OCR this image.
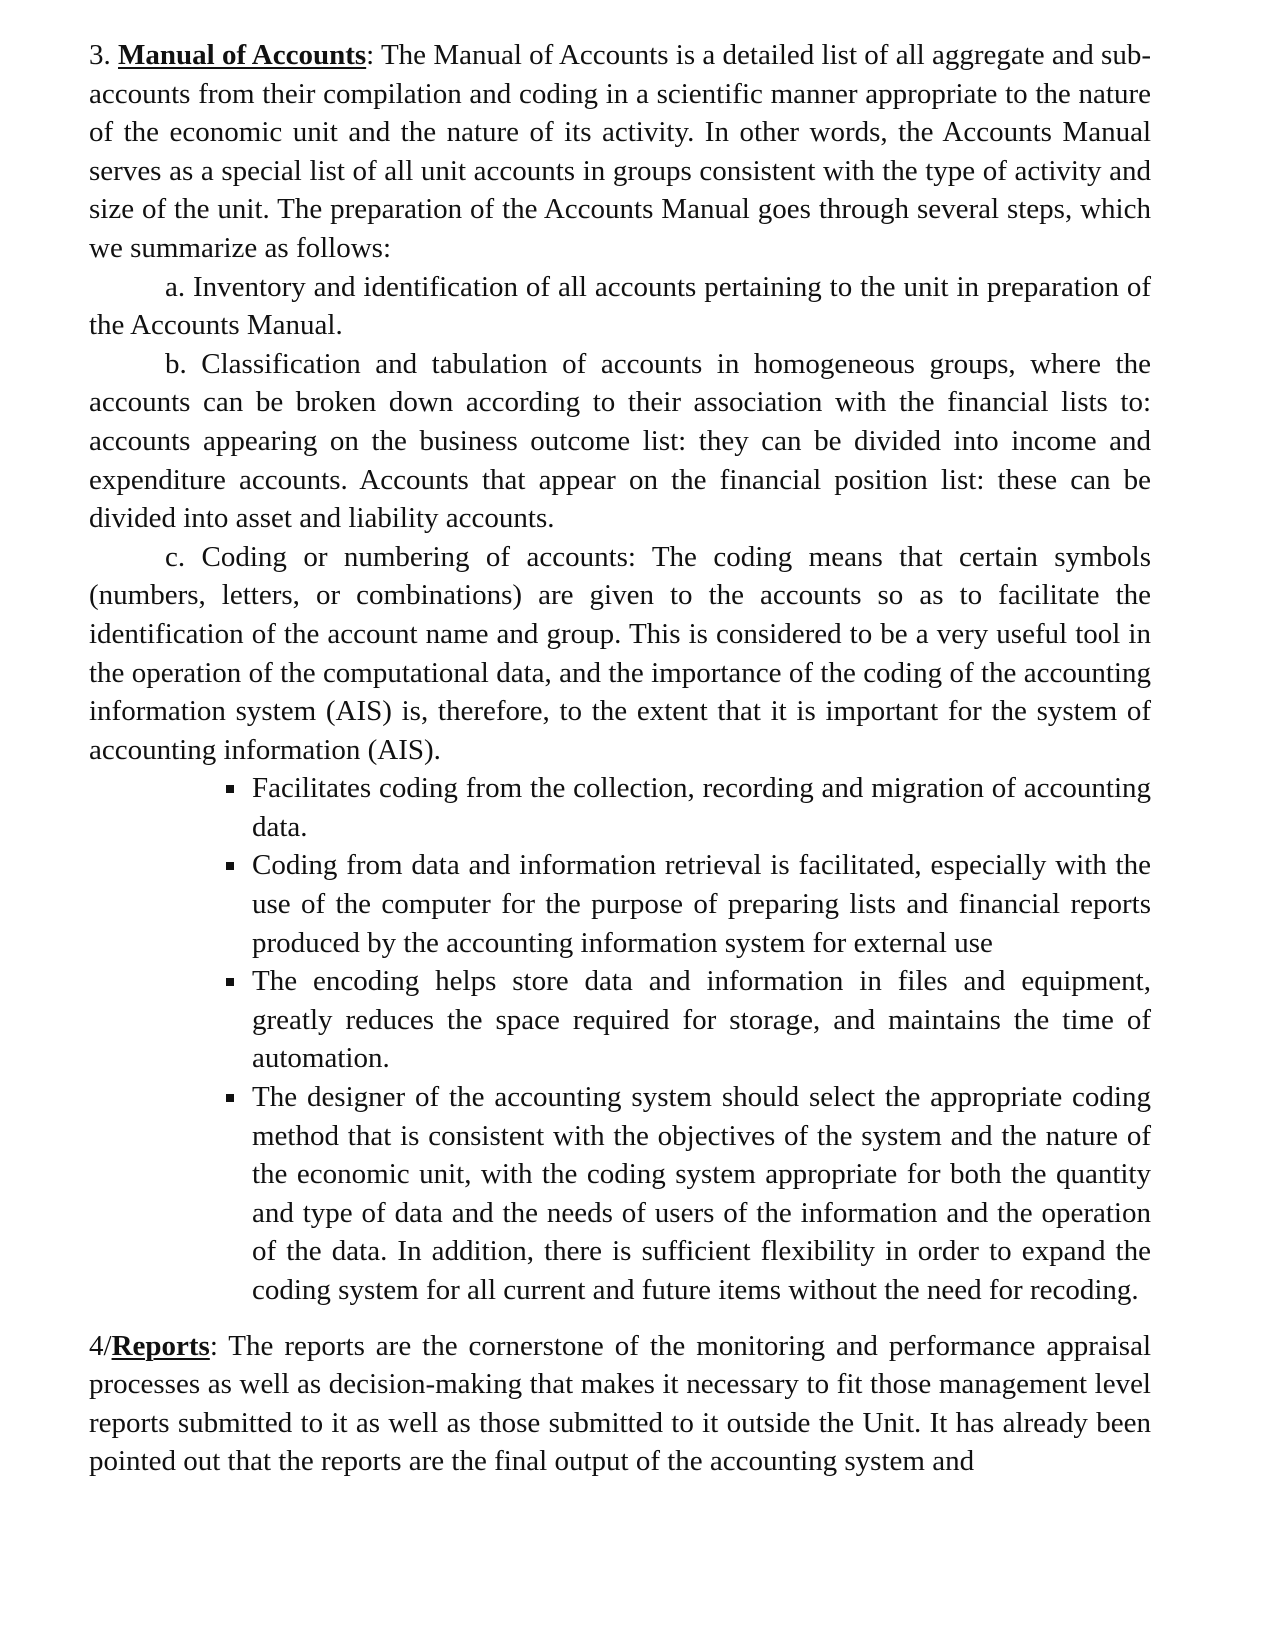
3. Manual of Accounts: The Manual of Accounts is a detailed list of all aggregate and sub-accounts from their compilation and coding in a scientific manner appropriate to the nature of the economic unit and the nature of its activity. In other words, the Accounts Manual serves as a special list of all unit accounts in groups consistent with the type of activity and size of the unit. The preparation of the Accounts Manual goes through several steps, which we summarize as follows:

a. Inventory and identification of all accounts pertaining to the unit in preparation of the Accounts Manual.

b. Classification and tabulation of accounts in homogeneous groups, where the accounts can be broken down according to their association with the financial lists to: accounts appearing on the business outcome list: they can be divided into income and expenditure accounts. Accounts that appear on the financial position list: these can be divided into asset and liability accounts.

c. Coding or numbering of accounts: The coding means that certain symbols (numbers, letters, or combinations) are given to the accounts so as to facilitate the identification of the account name and group. This is considered to be a very useful tool in the operation of the computational data, and the importance of the coding of the accounting information system (AIS) is, therefore, to the extent that it is important for the system of accounting information (AIS).

Facilitates coding from the collection, recording and migration of accounting data.
Coding from data and information retrieval is facilitated, especially with the use of the computer for the purpose of preparing lists and financial reports produced by the accounting information system for external use
The encoding helps store data and information in files and equipment, greatly reduces the space required for storage, and maintains the time of automation.
The designer of the accounting system should select the appropriate coding method that is consistent with the objectives of the system and the nature of the economic unit, with the coding system appropriate for both the quantity and type of data and the needs of users of the information and the operation of the data. In addition, there is sufficient flexibility in order to expand the coding system for all current and future items without the need for recoding.

4/Reports: The reports are the cornerstone of the monitoring and performance appraisal processes as well as decision-making that makes it necessary to fit those management level reports submitted to it as well as those submitted to it outside the Unit. It has already been pointed out that the reports are the final output of the accounting system and
